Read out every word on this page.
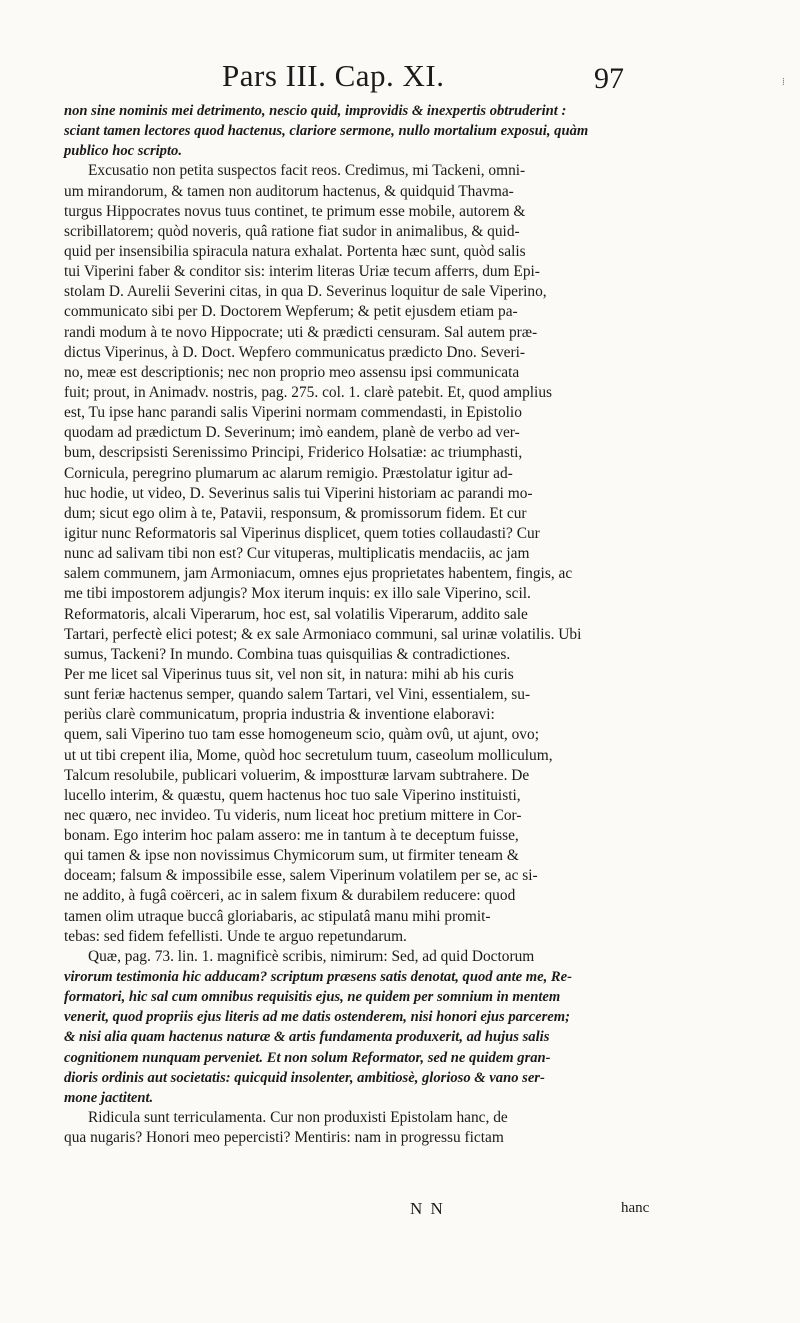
Pars III. Cap. XI.	97	⁞
non sine nominis mei detrimento, nescio quid, improvidis & inexpertis obtruderint :
sciant tamen lectores quod hactenus, clariore sermone, nullo mortalium exposui, quàm
publico hoc scripto.
Excusatio non petita suspectos facit reos. Credimus, mi Tackeni, omni-
um mirandorum, & tamen non auditorum hactenus, & quidquid Thavma-
turgus Hippocrates novus tuus continet, te primum esse mobile, autorem &
scribillatorem; quòd noveris, quâ ratione fiat sudor in animalibus, & quid-
quid per insensibilia spiracula natura exhalat. Portenta hæc sunt, quòd salis
tui Viperini faber & conditor sis: interim literas Uriæ tecum afferrs, dum Epi-
stolam D. Aurelii Severini citas, in qua D. Severinus loquitur de sale Viperino,
communicato sibi per D. Doctorem Wepferum; & petit ejusdem etiam pa-
randi modum à te novo Hippocrate; uti & prædicti censuram. Sal autem præ-
dictus Viperinus, à D. Doct. Wepfero communicatus prædicto Dno. Severi-
no, meæ est descriptionis; nec non proprio meo assensu ipsi communicata
fuit; prout, in Animadv. nostris, pag. 275. col. 1. clarè patebit. Et, quod amplius
est, Tu ipse hanc parandi salis Viperini normam commendasti, in Epistolio
quodam ad prædictum D. Severinum; imò eandem, planè de verbo ad ver-
bum, descripsisti Serenissimo Principi, Friderico Holsatiæ: ac triumphasti,
Cornicula, peregrino plumarum ac alarum remigio. Præstolatur igitur ad-
huc hodie, ut video, D. Severinus salis tui Viperini historiam ac parandi mo-
dum; sicut ego olim à te, Patavii, responsum, & promissorum fidem. Et cur
igitur nunc Reformatoris sal Viperinus displicet, quem toties collaudasti? Cur
nunc ad salivam tibi non est? Cur vituperas, multiplicatis mendaciis, ac jam
salem communem, jam Armoniacum, omnes ejus proprietates habentem, fingis, ac
me tibi impostorem adjungis? Mox iterum inquis: ex illo sale Viperino, scil.
Reformatoris, alcali Viperarum, hoc est, sal volatilis Viperarum, addito sale
Tartari, perfectè elici potest; & ex sale Armoniaco communi, sal urinæ volatilis. Ubi
sumus, Tackeni? In mundo. Combina tuas quisquilias & contradictiones.
Per me licet sal Viperinus tuus sit, vel non sit, in natura: mihi ab his curis
sunt feriæ hactenus semper, quando salem Tartari, vel Vini, essentialem, su-
periùs clarè communicatum, propria industria & inventione elaboravi:
quem, sali Viperino tuo tam esse homogeneum scio, quàm ovû, ut ajunt, ovo;
ut ut tibi crepent ilia, Mome, quòd hoc secretulum tuum, caseolum molliculum,
Talcum resolubile, publicari voluerim, & impostturæ larvam subtrahere. De
lucello interim, & quæstu, quem hactenus hoc tuo sale Viperino instituisti,
nec quæro, nec invideo. Tu videris, num liceat hoc pretium mittere in Cor-
bonam. Ego interim hoc palam assero: me in tantum à te deceptum fuisse,
qui tamen & ipse non novissimus Chymicorum sum, ut firmiter teneam &
doceam; falsum & impossibile esse, salem Viperinum volatilem per se, ac si-
ne addito, à fugâ coërceri, ac in salem fixum & durabilem reducere: quod
tamen olim utraque buccâ gloriabaris, ac stipulatâ manu mihi promit-
tebas: sed fidem fefellisti. Unde te arguo repetundarum.
Quæ, pag. 73. lin. 1. magnificè scribis, nimirum: Sed, ad quid Doctorum
virorum testimonia hic adducam? scriptum præsens satis denotat, quod ante me, Re-
formatori, hic sal cum omnibus requisitis ejus, ne quidem per somnium in mentem
venerit, quod propriis ejus literis ad me datis ostenderem, nisi honori ejus parcerem;
& nisi alia quam hactenus naturæ & artis fundamenta produxerit, ad hujus salis
cognitionem nunquam perveniet. Et non solum Reformator, sed ne quidem gran-
dioris ordinis aut societatis: quicquid insolenter, ambitiosè, glorioso & vano ser-
mone jactitent.
Ridicula sunt terriculamenta. Cur non produxisti Epistolam hanc, de
qua nugaris? Honori meo pepercisti? Mentiris: nam in progressu fictam
N N	hanc
